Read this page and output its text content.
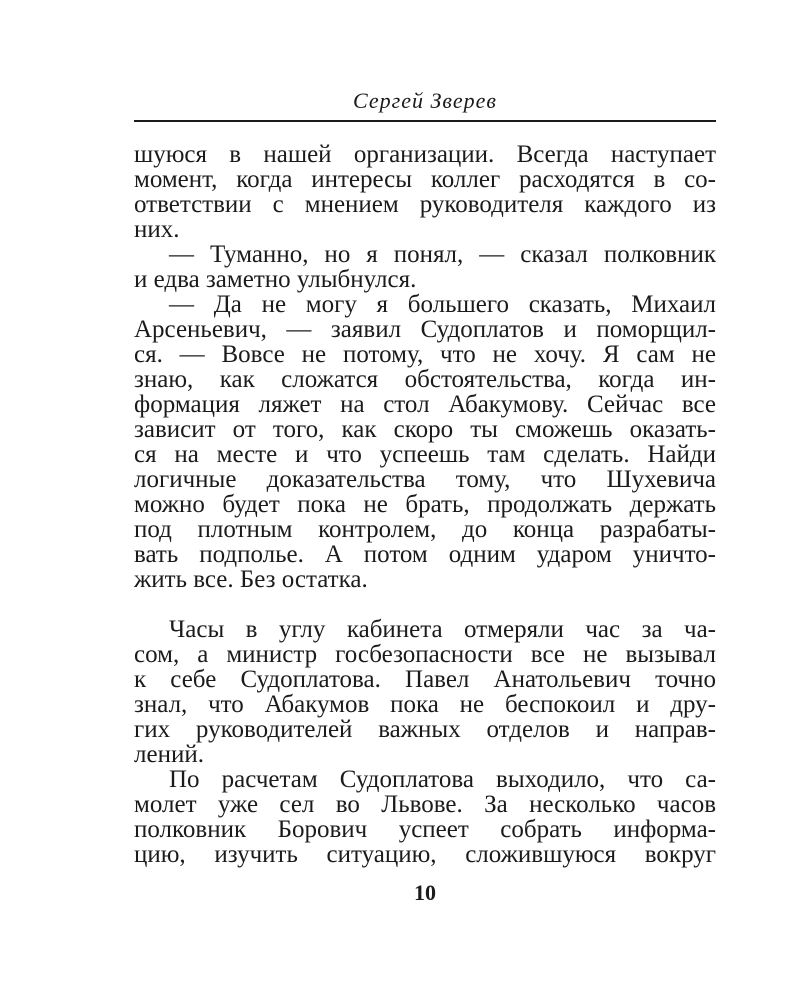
Сергей Зверев
шуюся в нашей организации. Всегда наступает
момент, когда интересы коллег расходятся в со-
ответствии с мнением руководителя каждого из
них.
— Туманно, но я понял, — сказал полковник
и едва заметно улыбнулся.
— Да не могу я большего сказать, Михаил
Арсеньевич, — заявил Судоплатов и поморщил-
ся. — Вовсе не потому, что не хочу. Я сам не
знаю, как сложатся обстоятельства, когда ин-
формация ляжет на стол Абакумову. Сейчас все
зависит от того, как скоро ты сможешь оказать-
ся на месте и что успеешь там сделать. Найди
логичные доказательства тому, что Шухевича
можно будет пока не брать, продолжать держать
под плотным контролем, до конца разрабаты-
вать подполье. А потом одним ударом уничто-
жить все. Без остатка.
Часы в углу кабинета отмеряли час за ча-
сом, а министр госбезопасности все не вызывал
к себе Судоплатова. Павел Анатольевич точно
знал, что Абакумов пока не беспокоил и дру-
гих руководителей важных отделов и направ-
лений.
По расчетам Судоплатова выходило, что са-
молет уже сел во Львове. За несколько часов
полковник Борович успеет собрать информа-
цию, изучить ситуацию, сложившуюся вокруг
10
